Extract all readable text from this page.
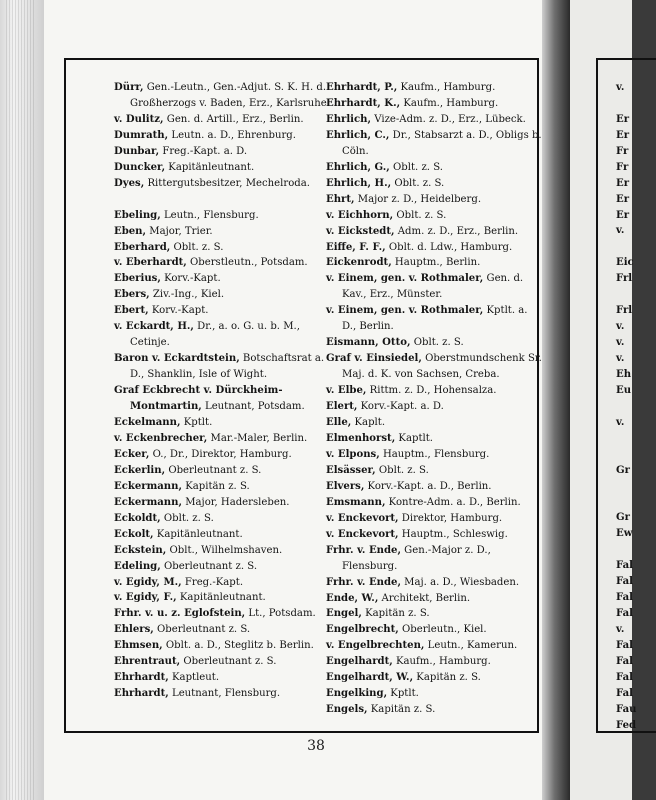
Dürr, Gen.-Leutn., Gen.-Adjut. S. K. H. d. Großherzogs v. Baden, Erz., Karlsruhe.
v. Dulitz, Gen. d. Artill., Erz., Berlin.
Dumrath, Leutn. a. D., Ehrenburg.
Dunbar, Freg.-Kapt. a. D.
Duncker, Kapitänleutnant.
Dyes, Rittergutsbesitzer, Mechelroda.
Ebeling, Leutn., Flensburg.
Eben, Major, Trier.
Eberhard, Oblt. z. S.
v. Eberhardt, Oberstleutn., Potsdam.
Eberius, Korv.-Kapt.
Ebers, Ziv.-Ing., Kiel.
Ebert, Korv.-Kapt.
v. Eckardt, H., Dr., a. o. G. u. b. M., Cetinje.
Baron v. Eckardtstein, Botschaftsrat a. D., Shanklin, Isle of Wight.
Graf Eckbrecht v. Dürckheim-Montmartin, Leutnant, Potsdam.
Eckelmann, Kptlt.
v. Eckenbrecher, Mar.-Maler, Berlin.
Ecker, O., Dr., Direktor, Hamburg.
Eckerlin, Oberleutnant z. S.
Eckermann, Kapitän z. S.
Eckermann, Major, Hadersleben.
Eckoldt, Oblt. z. S.
Eckolt, Kapitänleutnant.
Eckstein, Oblt., Wilhelmshaven.
Edeling, Oberleutnant z. S.
v. Egidy, M., Freg.-Kapt.
v. Egidy, F., Kapitänleutnant.
Frhr. v. u. z. Eglofstein, Lt., Potsdam.
Ehlers, Oberleutnant z. S.
Ehmsen, Oblt. a. D., Steglitz b. Berlin.
Ehrentraut, Oberleutnant z. S.
Ehrhardt, Kaptleut.
Ehrhardt, Leutnant, Flensburg.
Ehrhardt, P., Kaufm., Hamburg.
Ehrhardt, K., Kaufm., Hamburg.
Ehrlich, Vize-Adm. z. D., Erz., Lübeck.
Ehrlich, C., Dr., Stabsarzt a. D., Obligs b. Cöln.
Ehrlich, G., Oblt. z. S.
Ehrlich, H., Oblt. z. S.
Ehrt, Major z. D., Heidelberg.
v. Eichhorn, Oblt. z. S.
v. Eickstedt, Adm. z. D., Erz., Berlin.
Eiffe, F. F., Oblt. d. Ldw., Hamburg.
Eickenrodt, Hauptm., Berlin.
v. Einem, gen. v. Rothmaler, Gen. d. Kav., Erz., Münster.
v. Einem, gen. v. Rothmaler, Kptlt. a. D., Berlin.
Eismann, Otto, Oblt. z. S.
Graf v. Einsiedel, Oberstmundschenk Sr. Maj. d. K. von Sachsen, Creba.
v. Elbe, Rittm. z. D., Hohensalza.
Elert, Korv.-Kapt. a. D.
Elle, Kaplt.
Elmenhorst, Kaptlt.
v. Elpons, Hauptm., Flensburg.
Elsässer, Oblt. z. S.
Elvers, Korv.-Kapt. a. D., Berlin.
Emsmann, Kontre-Adm. a. D., Berlin.
v. Enckevort, Direktor, Hamburg.
v. Enckevort, Hauptm., Schleswig.
Frhr. v. Ende, Gen.-Major z. D., Flensburg.
Frhr. v. Ende, Maj. a. D., Wiesbaden.
Ende, W., Architekt, Berlin.
Engel, Kapitän z. S.
Engelbrecht, Oberleutn., Kiel.
v. Engelbrechten, Leutn., Kamerun.
Engelhardt, Kaufm., Hamburg.
Engelhardt, W., Kapitän z. S.
Engelking, Kptlt.
Engels, Kapitän z. S.
v.
Er
Er
Fr
Fr
Er
Er
Er
v.
Eic
Frl
Frl
v.
v.
v.
Eh
Eu
v.
Gr
Gr
Ew
Fal
Fal
Fal
Fal
v.
Fal
Fal
Fal
Fal
Fau
Fed
38
